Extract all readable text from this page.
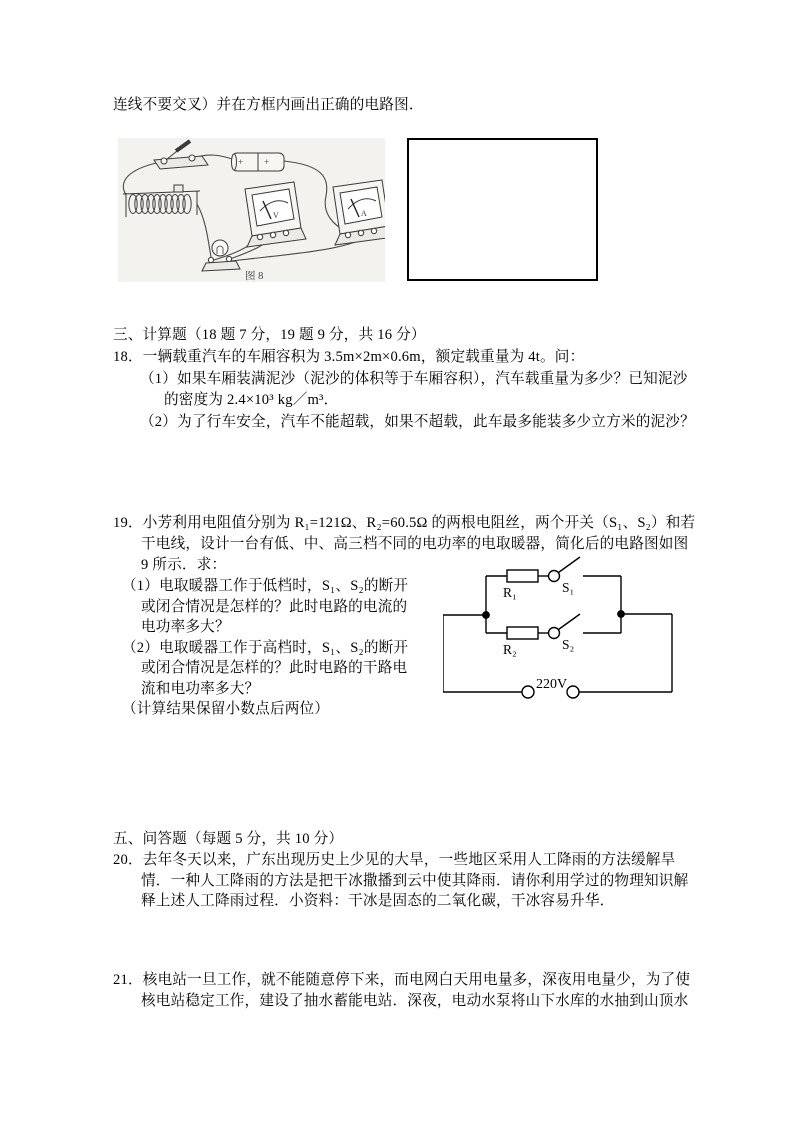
连线不要交叉）并在方框内画出正确的电路图．
+ +
V	A
图 8
三、计算题（18 题 7 分，19 题 9 分，共 16 分）
18．一辆载重汽车的车厢容积为 3.5m×2m×0.6m，额定载重量为 4t。问：
（1）如果车厢装满泥沙（泥沙的体积等于车厢容积），汽车载重量为多少？已知泥沙
的密度为 2.4×10³ kg／m³．
（2）为了行车安全，汽车不能超载，如果不超载，此车最多能装多少立方米的泥沙？
19．小芳利用电阻值分别为 R₁=121Ω、R₂=60.5Ω 的两根电阻丝，两个开关（S₁、S₂）和若
干电线，设计一台有低、中、高三档不同的电功率的电取暖器，简化后的电路图如图
9 所示．求：
（1）电取暖器工作于低档时，S₁、S₂的断开
或闭合情况是怎样的？此时电路的电流的
电功率多大？
（2）电取暖器工作于高档时，S₁、S₂的断开
或闭合情况是怎样的？此时电路的干路电
流和电功率多大？
（计算结果保留小数点后两位）
R₁	S₁
R₂	S₂
220V
五、问答题（每题 5 分，共 10 分）
20．去年冬天以来，广东出现历史上少见的大旱，一些地区采用人工降雨的方法缓解旱
情．一种人工降雨的方法是把干冰撒播到云中使其降雨．请你利用学过的物理知识解
释上述人工降雨过程．小资料：干冰是固态的二氧化碳，干冰容易升华．
21．核电站一旦工作，就不能随意停下来，而电网白天用电量多，深夜用电量少，为了使
核电站稳定工作，建设了抽水蓄能电站．深夜，电动水泵将山下水库的水抽到山顶水
